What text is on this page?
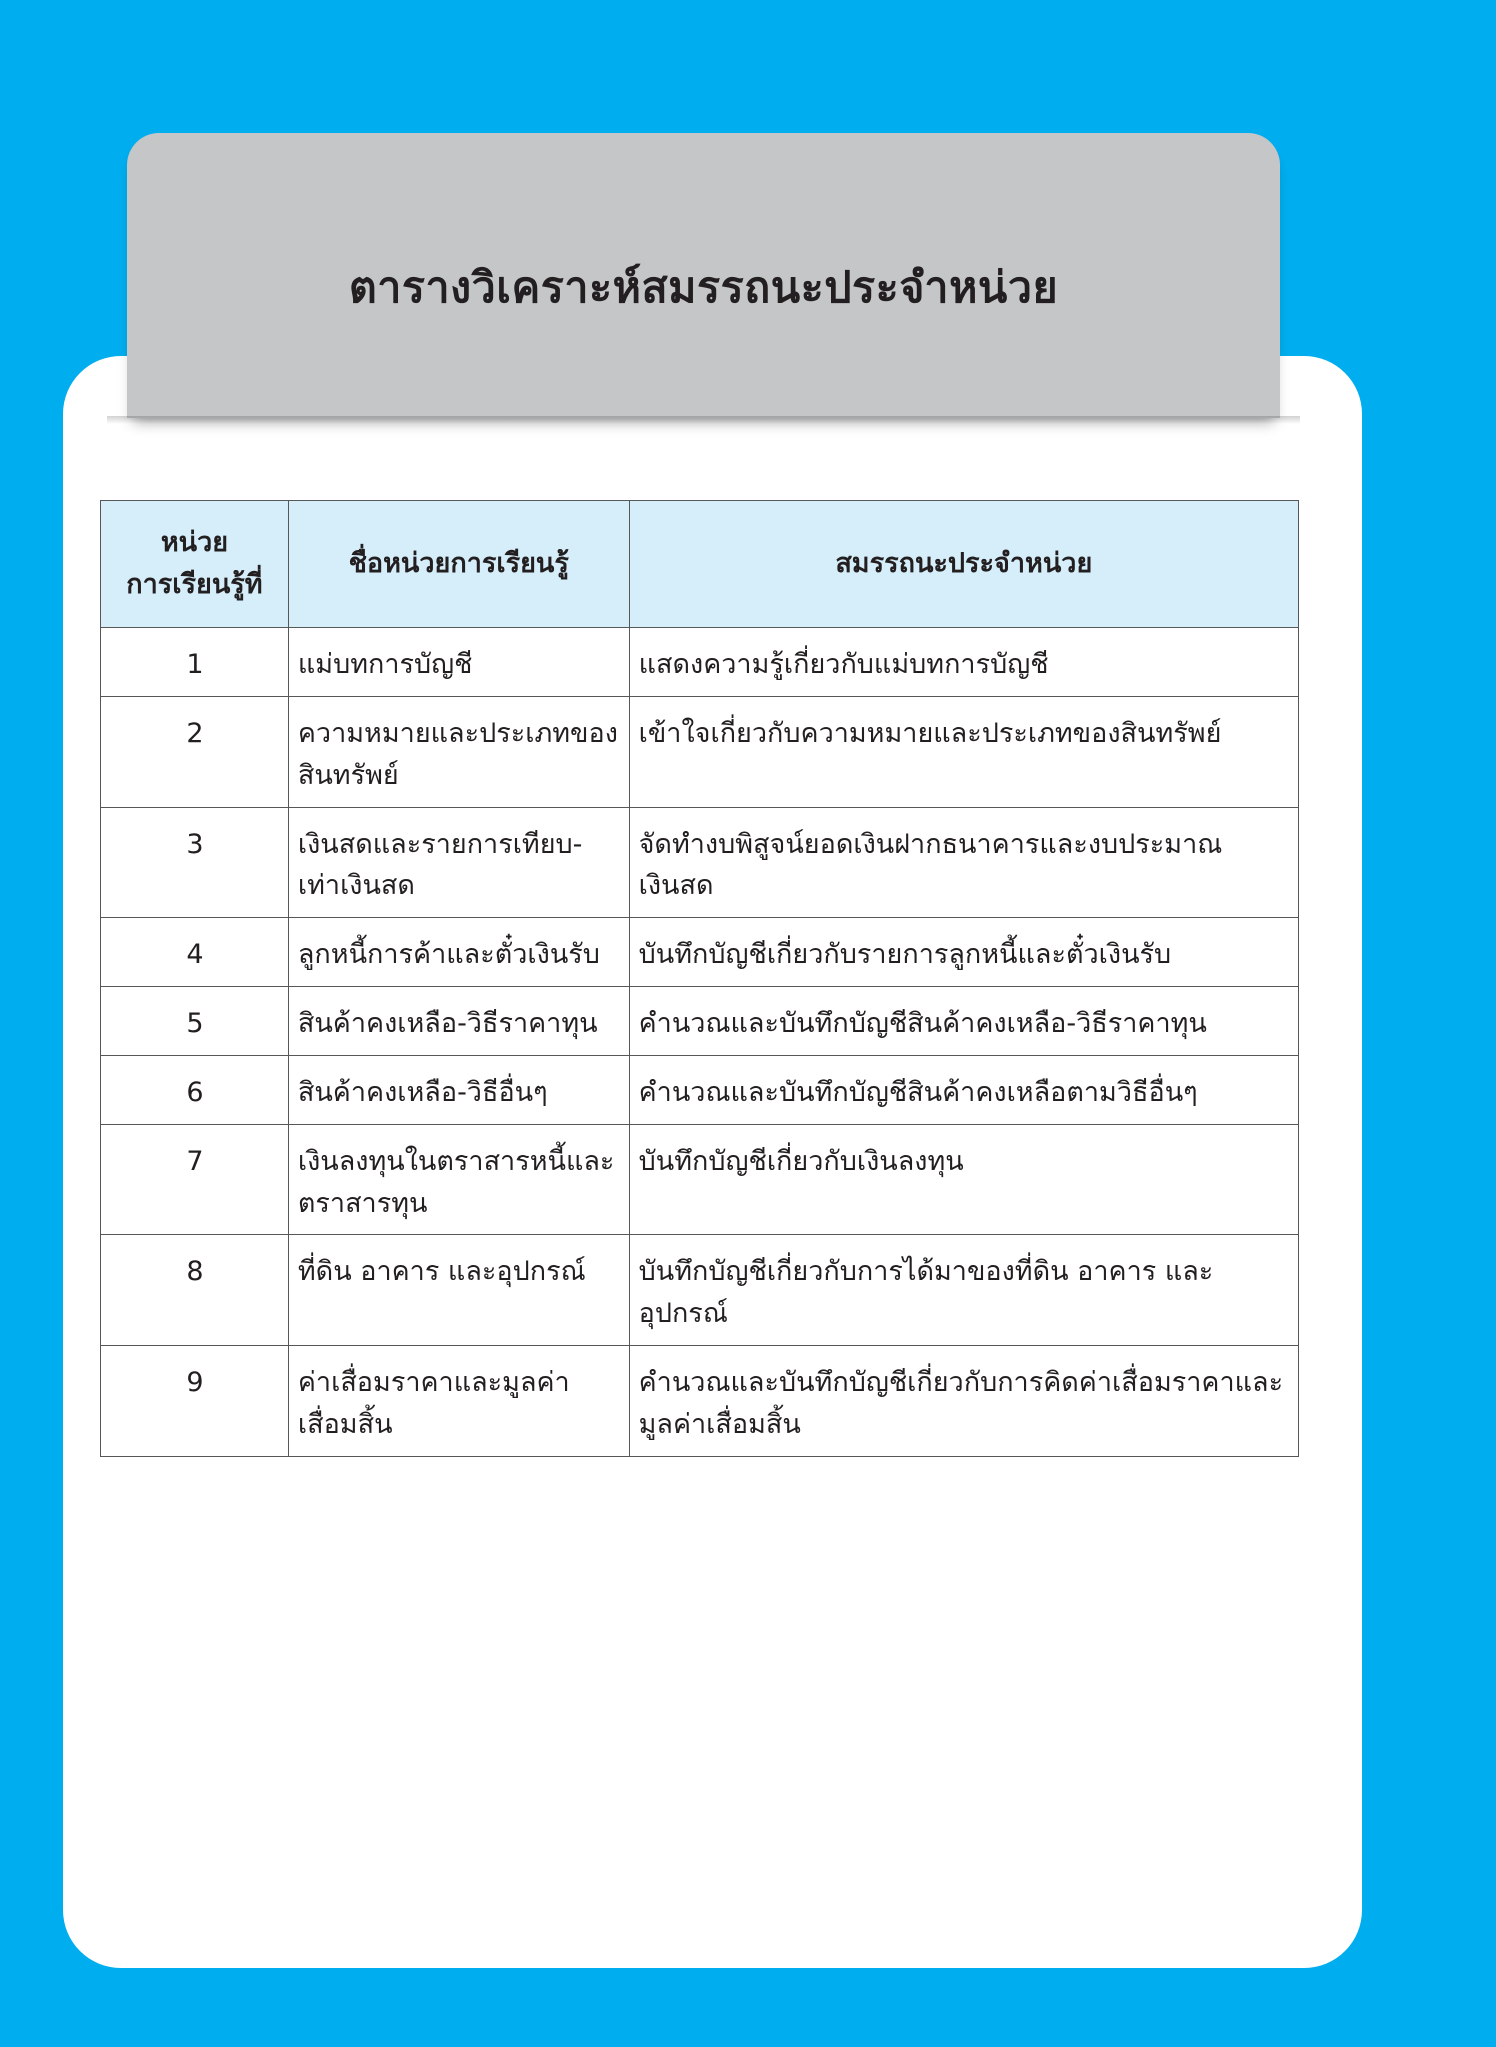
ตารางวิเคราะห์สมรรถนะประจำหน่วย
หน่วย
การเรียนรู้ที่	ชื่อหน่วยการเรียนรู้	สมรรถนะประจำหน่วย
1	แม่บทการบัญชี	แสดงความรู้เกี่ยวกับแม่บทการบัญชี
2	ความหมายและประเภทของสินทรัพย์	เข้าใจเกี่ยวกับความหมายและประเภทของสินทรัพย์
3	เงินสดและรายการเทียบ-เท่าเงินสด	จัดทำงบพิสูจน์ยอดเงินฝากธนาคารและงบประมาณเงินสด
4	ลูกหนี้การค้าและตั๋วเงินรับ	บันทึกบัญชีเกี่ยวกับรายการลูกหนี้และตั๋วเงินรับ
5	สินค้าคงเหลือ-วิธีราคาทุน	คำนวณและบันทึกบัญชีสินค้าคงเหลือ-วิธีราคาทุน
6	สินค้าคงเหลือ-วิธีอื่นๆ	คำนวณและบันทึกบัญชีสินค้าคงเหลือตามวิธีอื่นๆ
7	เงินลงทุนในตราสารหนี้และตราสารทุน	บันทึกบัญชีเกี่ยวกับเงินลงทุน
8	ที่ดิน อาคาร และอุปกรณ์	บันทึกบัญชีเกี่ยวกับการได้มาของที่ดิน อาคาร และอุปกรณ์
9	ค่าเสื่อมราคาและมูลค่าเสื่อมสิ้น	คำนวณและบันทึกบัญชีเกี่ยวกับการคิดค่าเสื่อมราคาและมูลค่าเสื่อมสิ้น
